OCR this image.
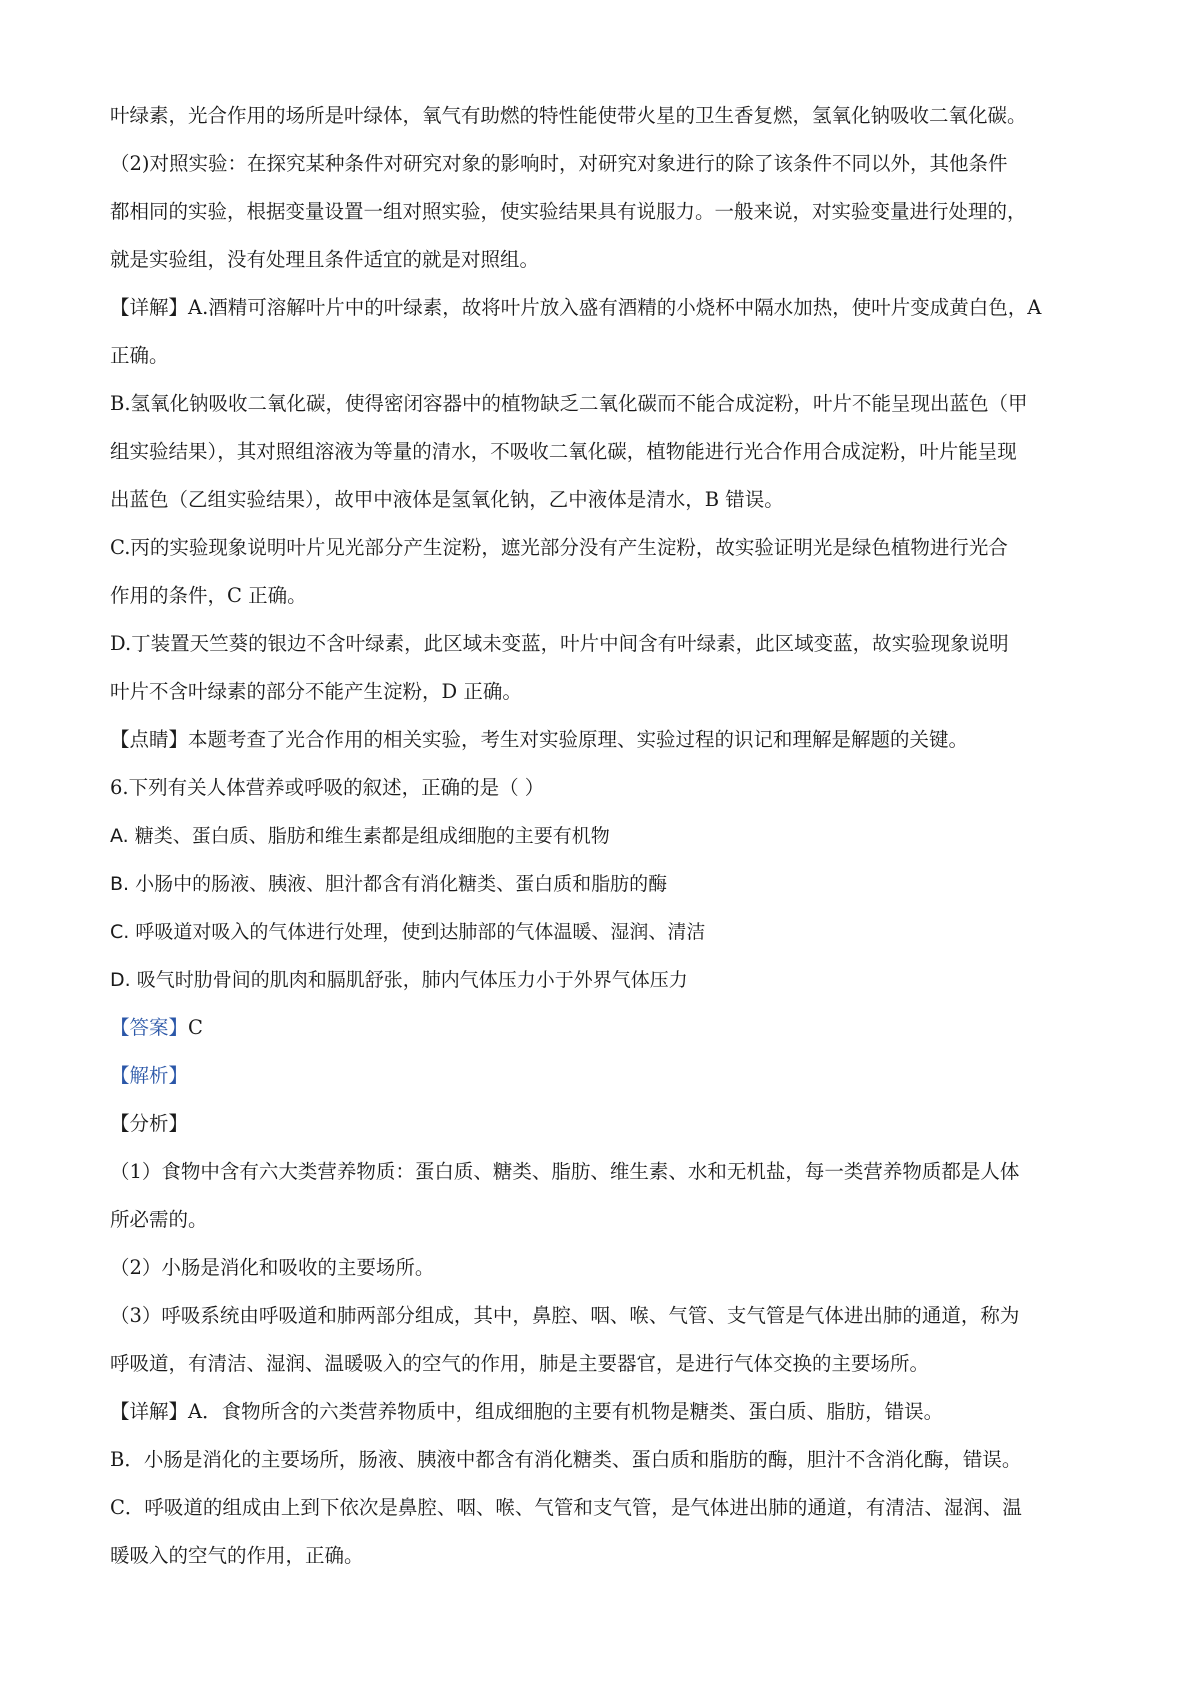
叶绿素，光合作用的场所是叶绿体，氧气有助燃的特性能使带火星的卫生香复燃，氢氧化钠吸收二氧化碳。
（2)对照实验：在探究某种条件对研究对象的影响时，对研究对象进行的除了该条件不同以外，其他条件
都相同的实验，根据变量设置一组对照实验，使实验结果具有说服力。一般来说，对实验变量进行处理的，
就是实验组，没有处理且条件适宜的就是对照组。
【详解】A.酒精可溶解叶片中的叶绿素，故将叶片放入盛有酒精的小烧杯中隔水加热，使叶片变成黄白色，A
正确。
B.氢氧化钠吸收二氧化碳，使得密闭容器中的植物缺乏二氧化碳而不能合成淀粉，叶片不能呈现出蓝色（甲
组实验结果），其对照组溶液为等量的清水，不吸收二氧化碳，植物能进行光合作用合成淀粉，叶片能呈现
出蓝色（乙组实验结果），故甲中液体是氢氧化钠，乙中液体是清水，B 错误。
C.丙的实验现象说明叶片见光部分产生淀粉，遮光部分没有产生淀粉，故实验证明光是绿色植物进行光合
作用的条件，C 正确。
D.丁装置天竺葵的银边不含叶绿素，此区域未变蓝，叶片中间含有叶绿素，此区域变蓝，故实验现象说明
叶片不含叶绿素的部分不能产生淀粉，D 正确。
【点睛】本题考查了光合作用的相关实验，考生对实验原理、实验过程的识记和理解是解题的关键。
6.下列有关人体营养或呼吸的叙述，正确的是（ ）
A. 糖类、蛋白质、脂肪和维生素都是组成细胞的主要有机物
B. 小肠中的肠液、胰液、胆汁都含有消化糖类、蛋白质和脂肪的酶
C. 呼吸道对吸入的气体进行处理，使到达肺部的气体温暖、湿润、清洁
D. 吸气时肋骨间的肌肉和膈肌舒张，肺内气体压力小于外界气体压力
【答案】C
【解析】
【分析】
（1）食物中含有六大类营养物质：蛋白质、糖类、脂肪、维生素、水和无机盐，每一类营养物质都是人体
所必需的。
（2）小肠是消化和吸收的主要场所。
（3）呼吸系统由呼吸道和肺两部分组成，其中，鼻腔、咽、喉、气管、支气管是气体进出肺的通道，称为
呼吸道，有清洁、湿润、温暖吸入的空气的作用，肺是主要器官，是进行气体交换的主要场所。
【详解】A．食物所含的六类营养物质中，组成细胞的主要有机物是糖类、蛋白质、脂肪，错误。
B．小肠是消化的主要场所，肠液、胰液中都含有消化糖类、蛋白质和脂肪的酶，胆汁不含消化酶，错误。
C．呼吸道的组成由上到下依次是鼻腔、咽、喉、气管和支气管，是气体进出肺的通道，有清洁、湿润、温
暖吸入的空气的作用，正确。
